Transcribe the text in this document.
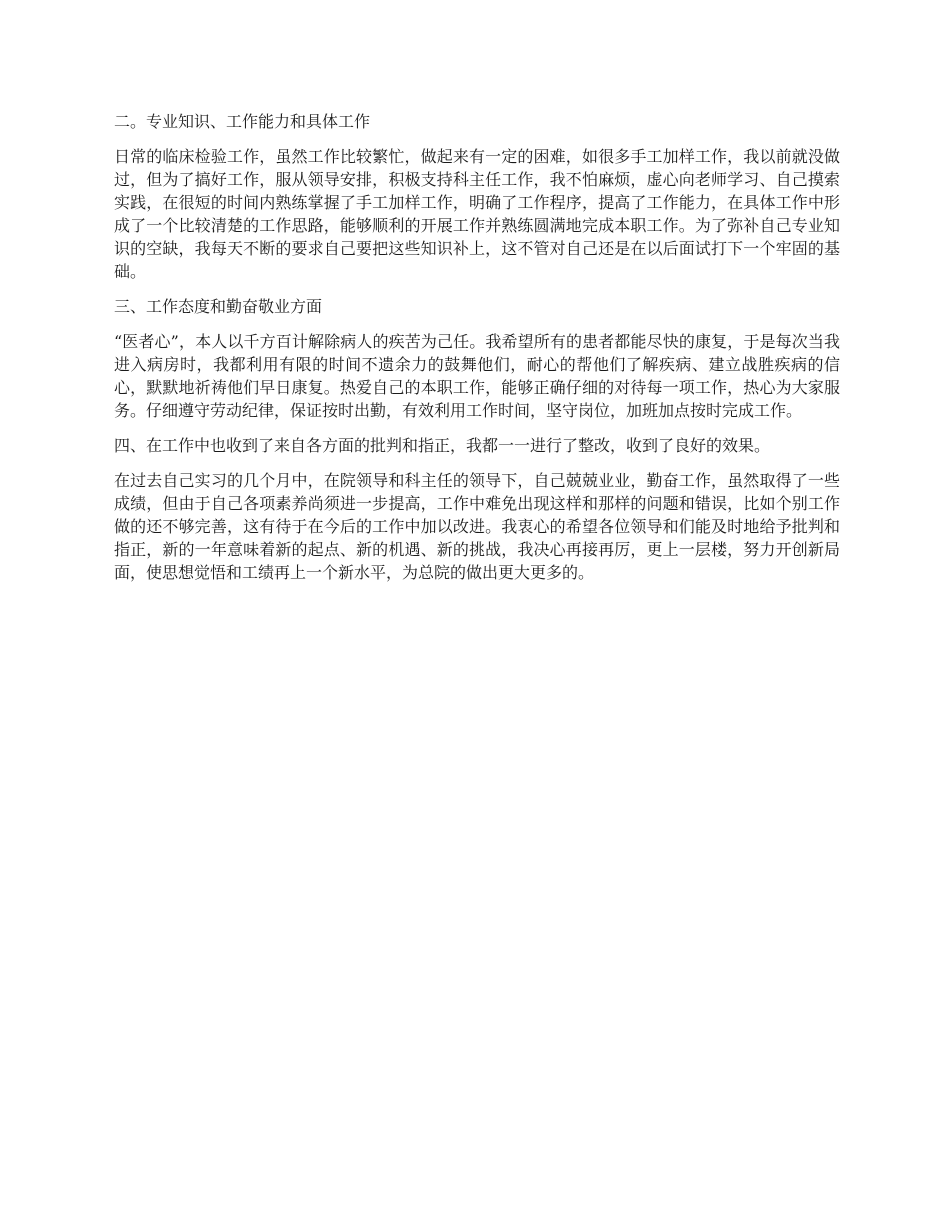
二。专业知识、工作能力和具体工作

日常的临床检验工作，虽然工作比较繁忙，做起来有一定的困难，如很多手工加样工作，我以前就没做过，但为了搞好工作，服从领导安排，积极支持科主任工作，我不怕麻烦，虚心向老师学习、自己摸索实践，在很短的时间内熟练掌握了手工加样工作，明确了工作程序，提高了工作能力，在具体工作中形成了一个比较清楚的工作思路，能够顺利的开展工作并熟练圆满地完成本职工作。为了弥补自己专业知识的空缺，我每天不断的要求自己要把这些知识补上，这不管对自己还是在以后面试打下一个牢固的基础。

三、工作态度和勤奋敬业方面

“医者心”，本人以千方百计解除病人的疾苦为己任。我希望所有的患者都能尽快的康复，于是每次当我进入病房时，我都利用有限的时间不遗余力的鼓舞他们，耐心的帮他们了解疾病、建立战胜疾病的信心，默默地祈祷他们早日康复。热爱自己的本职工作，能够正确仔细的对待每一项工作，热心为大家服务。仔细遵守劳动纪律，保证按时出勤，有效利用工作时间，坚守岗位，加班加点按时完成工作。

四、在工作中也收到了来自各方面的批判和指正，我都一一进行了整改，收到了良好的效果。

在过去自己实习的几个月中，在院领导和科主任的领导下，自己兢兢业业，勤奋工作，虽然取得了一些成绩，但由于自己各项素养尚须进一步提高，工作中难免出现这样和那样的问题和错误，比如个别工作做的还不够完善，这有待于在今后的工作中加以改进。我衷心的希望各位领导和们能及时地给予批判和指正，新的一年意味着新的起点、新的机遇、新的挑战，我决心再接再厉，更上一层楼，努力开创新局面，使思想觉悟和工绩再上一个新水平，为总院的做出更大更多的。
